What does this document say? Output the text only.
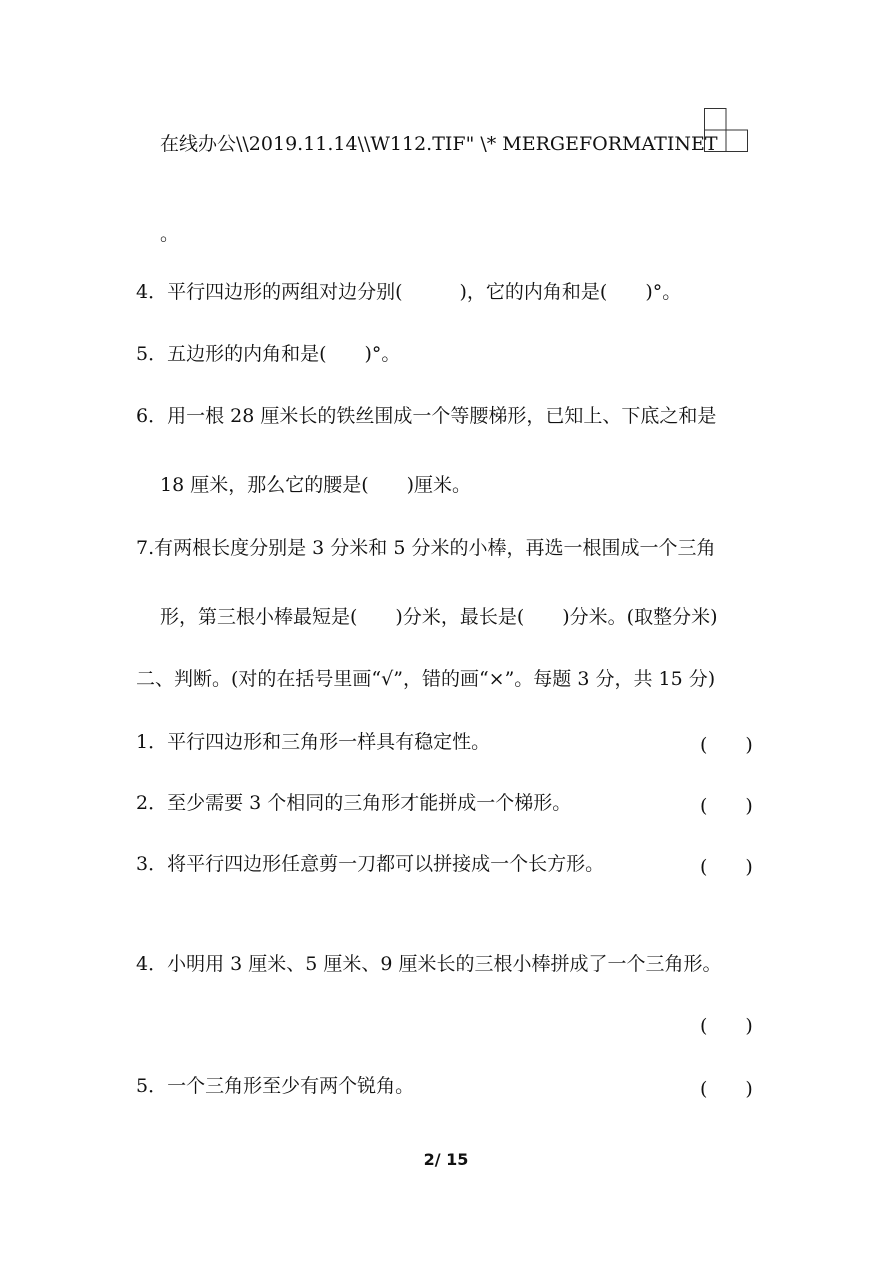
在线办公\\2019.11.14\\W112.TIF" \* MERGEFORMATINET
。
4．平行四边形的两组对边分别(　　　)，它的内角和是(　　)°。
5．五边形的内角和是(　　)°。
6．用一根 28 厘米长的铁丝围成一个等腰梯形，已知上、下底之和是
18 厘米，那么它的腰是(　　)厘米。
7.有两根长度分别是 3 分米和 5 分米的小棒，再选一根围成一个三角
形，第三根小棒最短是(　　)分米，最长是(　　)分米。(取整分米)
二、判断。(对的在括号里画“√”，错的画“×”。每题 3 分，共 15 分)
1．平行四边形和三角形一样具有稳定性。	(　　)
2．至少需要 3 个相同的三角形才能拼成一个梯形。	(　　)
3．将平行四边形任意剪一刀都可以拼接成一个长方形。	(　　)
4．小明用 3 厘米、5 厘米、9 厘米长的三根小棒拼成了一个三角形。
(　　)
5．一个三角形至少有两个锐角。	(　　)
2/ 15
